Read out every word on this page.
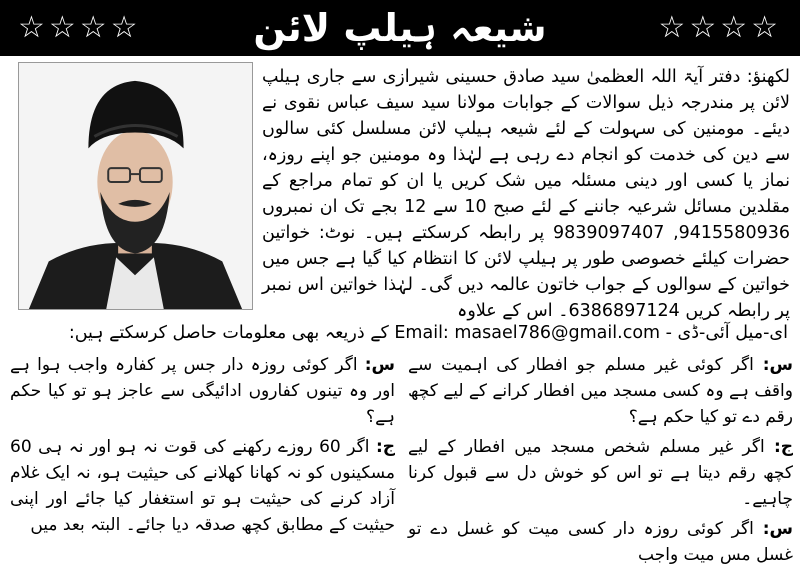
☆☆☆☆	شیعہ ہیلپ لائن	☆☆☆☆

لکھنؤ: دفتر آیۃ اللہ العظمیٰ سید صادق حسینی شیرازی سے جاری ہیلپ لائن پر مندرجہ ذیل سوالات کے جوابات مولانا سید سیف عباس نقوی نے دیئے۔ مومنین کی سہولت کے لئے شیعہ ہیلپ لائن مسلسل کئی سالوں سے دین کی خدمت کو انجام دے رہی ہے لہٰذا وہ مومنین جو اپنے روزہ، نماز یا کسی اور دینی مسئلہ میں شک کریں یا ان کو تمام مراجع کے مقلدین مسائل شرعیہ جاننے کے لئے صبح 10 سے 12 بجے تک ان نمبروں 9415580936, 9839097407 پر رابطہ کرسکتے ہیں۔ نوٹ: خواتین حضرات کیلئے خصوصی طور پر ہیلپ لائن کا انتظام کیا گیا ہے جس میں خواتین کے سوالوں کے جواب خاتون عالمہ دیں گی۔ لہٰذا خواتین اس نمبر پر رابطہ کریں 6386897124۔ اس کے علاوہ

ای-میل آئی-ڈی - Email: masael786@gmail.com کے ذریعہ بھی معلومات حاصل کرسکتے ہیں:

س: اگر کوئی غیر مسلم جو افطار کی اہمیت سے واقف ہے وہ کسی مسجد میں افطار کرانے کے لیے کچھ رقم دے تو کیا حکم ہے؟

ج: اگر غیر مسلم شخص مسجد میں افطار کے لیے کچھ رقم دیتا ہے تو اس کو خوش دل سے قبول کرنا چاہیے۔

س: اگر کوئی روزہ دار کسی میت کو غسل دے تو غسل مس میت واجب

س: اگر کوئی روزہ دار جس پر کفارہ واجب ہوا ہے اور وہ تینوں کفاروں ادائیگی سے عاجز ہو تو کیا حکم ہے؟

ج: اگر 60 روزے رکھنے کی قوت نہ ہو اور نہ ہی 60 مسکینوں کو نہ کھانا کھلانے کی حیثیت ہو، نہ ایک غلام آزاد کرنے کی حیثیت ہو تو استغفار کیا جائے اور اپنی حیثیت کے مطابق کچھ صدقہ دیا جائے۔ البتہ بعد میں
